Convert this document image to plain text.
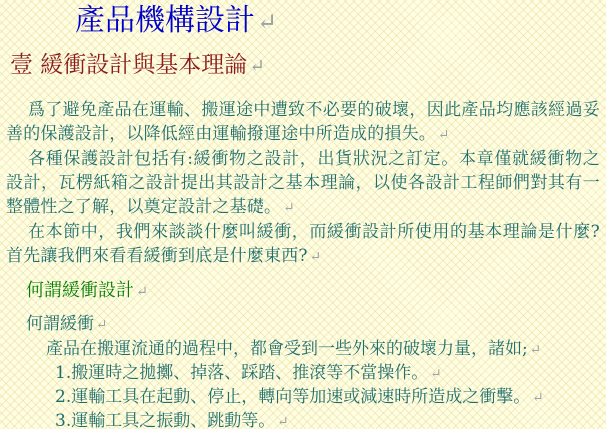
產品機構設計↵
壹 緩衝設計與基本理論 ↵

爲了避免產品在運輸、搬運途中遭致不必要的破壞，因此產品均應該經過妥善的保護設計，以降低經由運輸撥運途中所造成的損失。 ↵

各種保護設計包括有:緩衝物之設計，出貨狀況之訂定。本章僅就緩衝物之設計，瓦楞紙箱之設計提出其設計之基本理論，以使各設計工程師們對其有一整體性之了解，以奠定設計之基礎。 ↵

在本節中，我們來談談什麼叫緩衝，而緩衝設計所使用的基本理論是什麼?首先讓我們來看看緩衝到底是什麼東西? ↵

何謂緩衝設計 ↵

何謂緩衝 ↵

產品在搬運流通的過程中，都會受到一些外來的破壞力量，諸如; ↵

1.搬運時之拋擲、掉落、踩踏、推滾等不當操作。 ↵

2.運輸工具在起動、停止，轉向等加速或減速時所造成之衝擊。 ↵

3.運輸工具之振動、跳動等。 ↵
